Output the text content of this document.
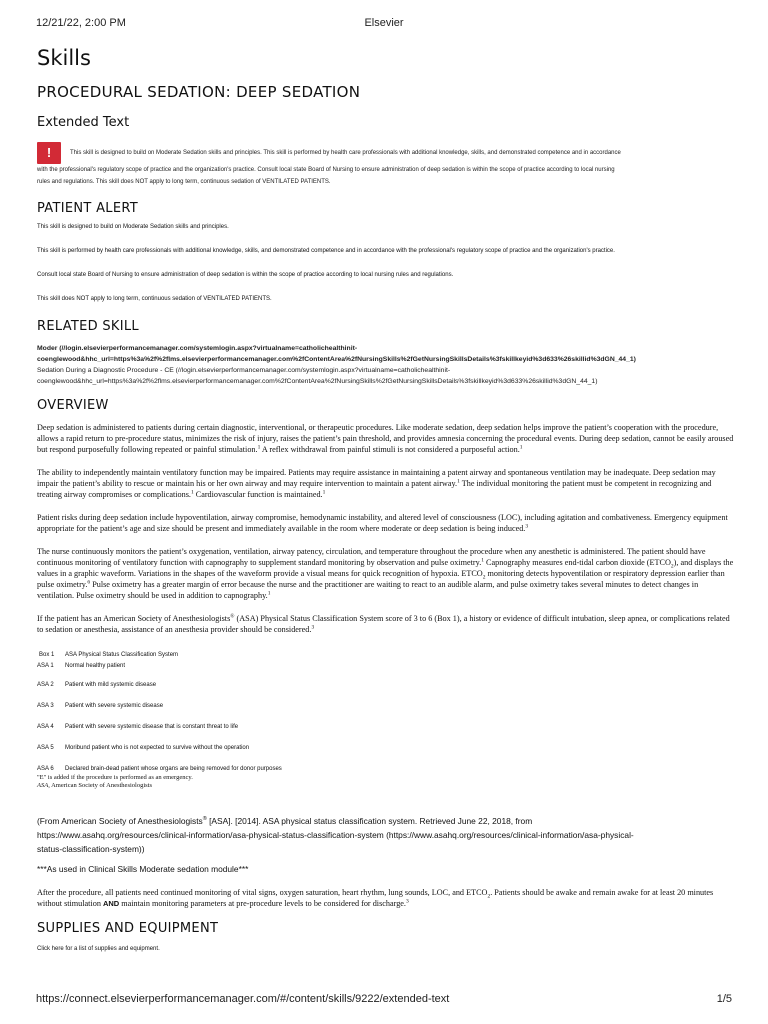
12/21/22, 2:00 PM	Elsevier
Skills
PROCEDURAL SEDATION: DEEP SEDATION
Extended Text
!	This skill is designed to build on Moderate Sedation skills and principles. This skill is performed by health care professionals with additional knowledge, skills, and demonstrated competence and in accordance
with the professional's regulatory scope of practice and the organization's practice. Consult local state Board of Nursing to ensure administration of deep sedation is within the scope of practice according to local nursing
rules and regulations. This skill does NOT apply to long term, continuous sedation of VENTILATED PATIENTS.
PATIENT ALERT

This skill is designed to build on Moderate Sedation skills and principles.

This skill is performed by health care professionals with additional knowledge, skills, and demonstrated competence and in accordance with the professional's regulatory scope of practice and the organization's practice.

Consult local state Board of Nursing to ensure administration of deep sedation is within the scope of practice according to local nursing rules and regulations.

This skill does NOT apply to long term, continuous sedation of VENTILATED PATIENTS.

RELATED SKILL
Moder (//login.elsevierperformancemanager.com/systemlogin.aspx?virtualname=catholichealthinit-
coenglewood&hhc_url=https%3a%2f%2flms.elsevierperformancemanager.com%2fContentArea%2fNursingSkills%2fGetNursingSkillsDetails%3fskillkeyid%3d633%26skillid%3dGN_44_1)
Sedation During a Diagnostic Procedure - CE (//login.elsevierperformancemanager.com/systemlogin.aspx?virtualname=catholichealthinit-
coenglewood&hhc_url=https%3a%2f%2flms.elsevierperformancemanager.com%2fContentArea%2fNursingSkills%2fGetNursingSkillsDetails%3fskillkeyid%3d633%26skillid%3dGN_44_1)
OVERVIEW

Deep sedation is administered to patients during certain diagnostic, interventional, or therapeutic procedures. Like moderate sedation, deep sedation helps improve the patient’s cooperation with the procedure, allows a rapid return to pre-procedure status, minimizes the risk of injury, raises the patient’s pain threshold, and provides amnesia concerning the procedural events. During deep sedation, cannot be easily aroused but respond purposefully following repeated or painful stimulation.$^1$ A reflex withdrawal from painful stimuli is not considered a purposeful action.$^1$

The ability to independently maintain ventilatory function may be impaired. Patients may require assistance in maintaining a patent airway and spontaneous ventilation may be inadequate. Deep sedation may impair the patient’s ability to rescue or maintain his or her own airway and may require intervention to maintain a patent airway.$^1$ The individual monitoring the patient must be competent in recognizing and treating airway compromises or complications.$^1$ Cardiovascular function is maintained.$^1$

Patient risks during deep sedation include hypoventilation, airway compromise, hemodynamic instability, and altered level of consciousness (LOC), including agitation and combativeness. Emergency equipment appropriate for the patient’s age and size should be present and immediately available in the room where moderate or deep sedation is being induced.$^3$

The nurse continuously monitors the patient’s oxygenation, ventilation, airway patency, circulation, and temperature throughout the procedure when any anesthetic is administered. The patient should have continuous monitoring of ventilatory function with capnography to supplement standard monitoring by observation and pulse oximetry.$^1$ Capnography measures end-tidal carbon dioxide $(ETCO_2)$, and displays the values in a graphic waveform. Variations in the shapes of the waveform provide a visual means for quick recognition of hypoxia. $ETCO_2$ monitoring detects hypoventilation or respiratory depression earlier than pulse oximetry.$^6$ Pulse oximetry has a greater margin of error because the nurse and the practitioner are waiting to react to an audible alarm, and pulse oximetry takes several minutes to detect changes in ventilation. Pulse oximetry should be used in addition to capnography.$^1$

If the patient has an American Society of Anesthesiologists® (ASA) Physical Status Classification System score of 3 to 6 (Box 1), a history or evidence of difficult intubation, sleep apnea, or complications related to sedation or anesthesia, assistance of an anesthesia provider should be considered.$^3$

Box 1 ASA Physical Status Classification System
ASA 1 Normal healthy patient
ASA 2 Patient with mild systemic disease
ASA 3 Patient with severe systemic disease
ASA 4 Patient with severe systemic disease that is constant threat to life
ASA 5 Moribund patient who is not expected to survive without the operation
ASA 6 Declared brain-dead patient whose organs are being removed for donor purposes
"E" is added if the procedure is performed as an emergency.
ASA, American Society of Anesthesiologists
(From American Society of Anesthesiologists® [ASA]. [2014]. ASA physical status classification system. Retrieved June 22, 2018, from
https://www.asahq.org/resources/clinical-information/asa-physical-status-classification-system (https://www.asahq.org/resources/clinical-information/asa-physical-
status-classification-system))
***As used in Clinical Skills Moderate sedation module***
After the procedure, all patients need continued monitoring of vital signs, oxygen saturation, heart rhythm, lung sounds, LOC, and $ETCO_2$. Patients should be awake and remain awake for at least 20 minutes without stimulation AND maintain monitoring parameters at pre-procedure levels to be considered for discharge.$^3$
SUPPLIES AND EQUIPMENT
Click here for a list of supplies and equipment.
https://connect.elsevierperformancemanager.com/#/content/skills/9222/extended-text	1/5
